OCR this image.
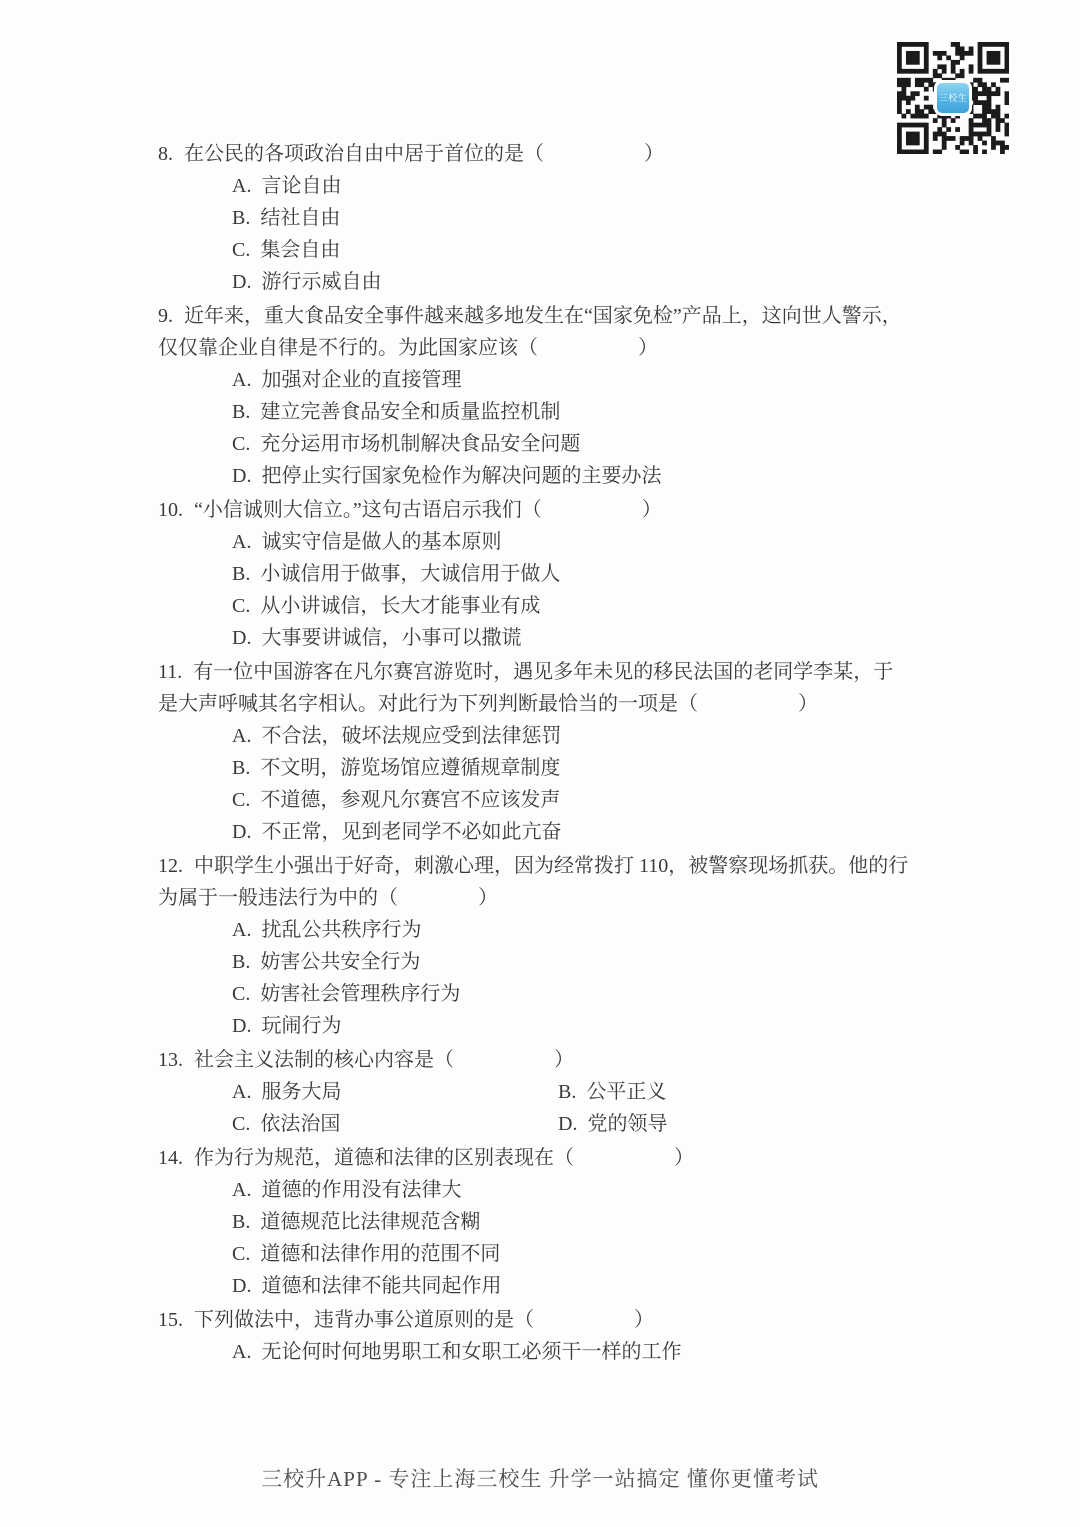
三校生
8. 在公民的各项政治自由中居于首位的是（　　　　　）
A. 言论自由
B. 结社自由
C. 集会自由
D. 游行示威自由
9. 近年来，重大食品安全事件越来越多地发生在“国家免检”产品上，这向世人警示，仅仅靠企业自律是不行的。为此国家应该（　　　　　）
A. 加强对企业的直接管理
B. 建立完善食品安全和质量监控机制
C. 充分运用市场机制解决食品安全问题
D. 把停止实行国家免检作为解决问题的主要办法
10. “小信诚则大信立。”这句古语启示我们（　　　　　）
A. 诚实守信是做人的基本原则
B. 小诚信用于做事，大诚信用于做人
C. 从小讲诚信，长大才能事业有成
D. 大事要讲诚信，小事可以撒谎
11. 有一位中国游客在凡尔赛宫游览时，遇见多年未见的移民法国的老同学李某，于是大声呼喊其名字相认。对此行为下列判断最恰当的一项是（　　　　　）
A. 不合法，破坏法规应受到法律惩罚
B. 不文明，游览场馆应遵循规章制度
C. 不道德，参观凡尔赛宫不应该发声
D. 不正常，见到老同学不必如此亢奋
12. 中职学生小强出于好奇，刺激心理，因为经常拨打 110，被警察现场抓获。他的行为属于一般违法行为中的（　　　　）
A. 扰乱公共秩序行为
B. 妨害公共安全行为
C. 妨害社会管理秩序行为
D. 玩闹行为
13. 社会主义法制的核心内容是（　　　　　）
A. 服务大局	B. 公平正义
C. 依法治国	D. 党的领导
14. 作为行为规范，道德和法律的区别表现在（　　　　　）
A. 道德的作用没有法律大
B. 道德规范比法律规范含糊
C. 道德和法律作用的范围不同
D. 道德和法律不能共同起作用
15. 下列做法中，违背办事公道原则的是（　　　　　）
A. 无论何时何地男职工和女职工必须干一样的工作
三校升APP - 专注上海三校生 升学一站搞定 懂你更懂考试
